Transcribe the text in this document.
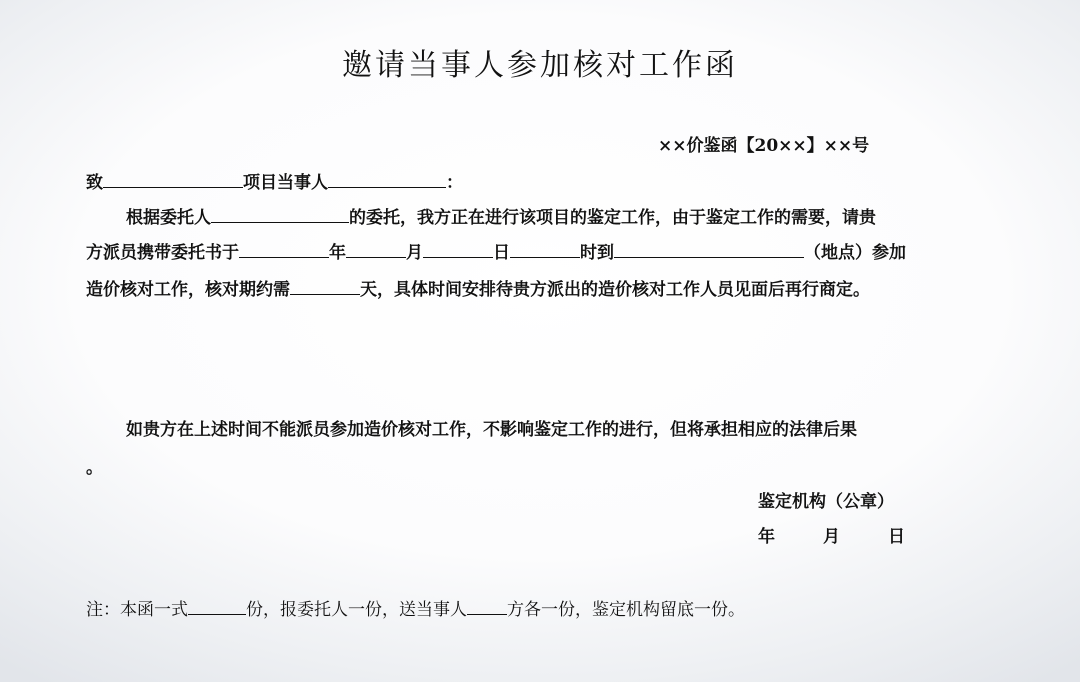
邀请当事人参加核对工作函
××价鉴函【20××】××号
致	项目当事人	：
根据委托人	的委托，我方正在进行该项目的鉴定工作，由于鉴定工作的需要，请贵
方派员携带委托书于	年	月	日	时到	（地点）参加
造价核对工作，核对期约需	天，具体时间安排待贵方派出的造价核对工作人员见面后再行商定。
如贵方在上述时间不能派员参加造价核对工作，不影响鉴定工作的进行，但将承担相应的法律后果
。
鉴定机构（公章）
年	月	日
注：本函一式	份，报委托人一份，送当事人 方各一份，鉴定机构留底一份。
